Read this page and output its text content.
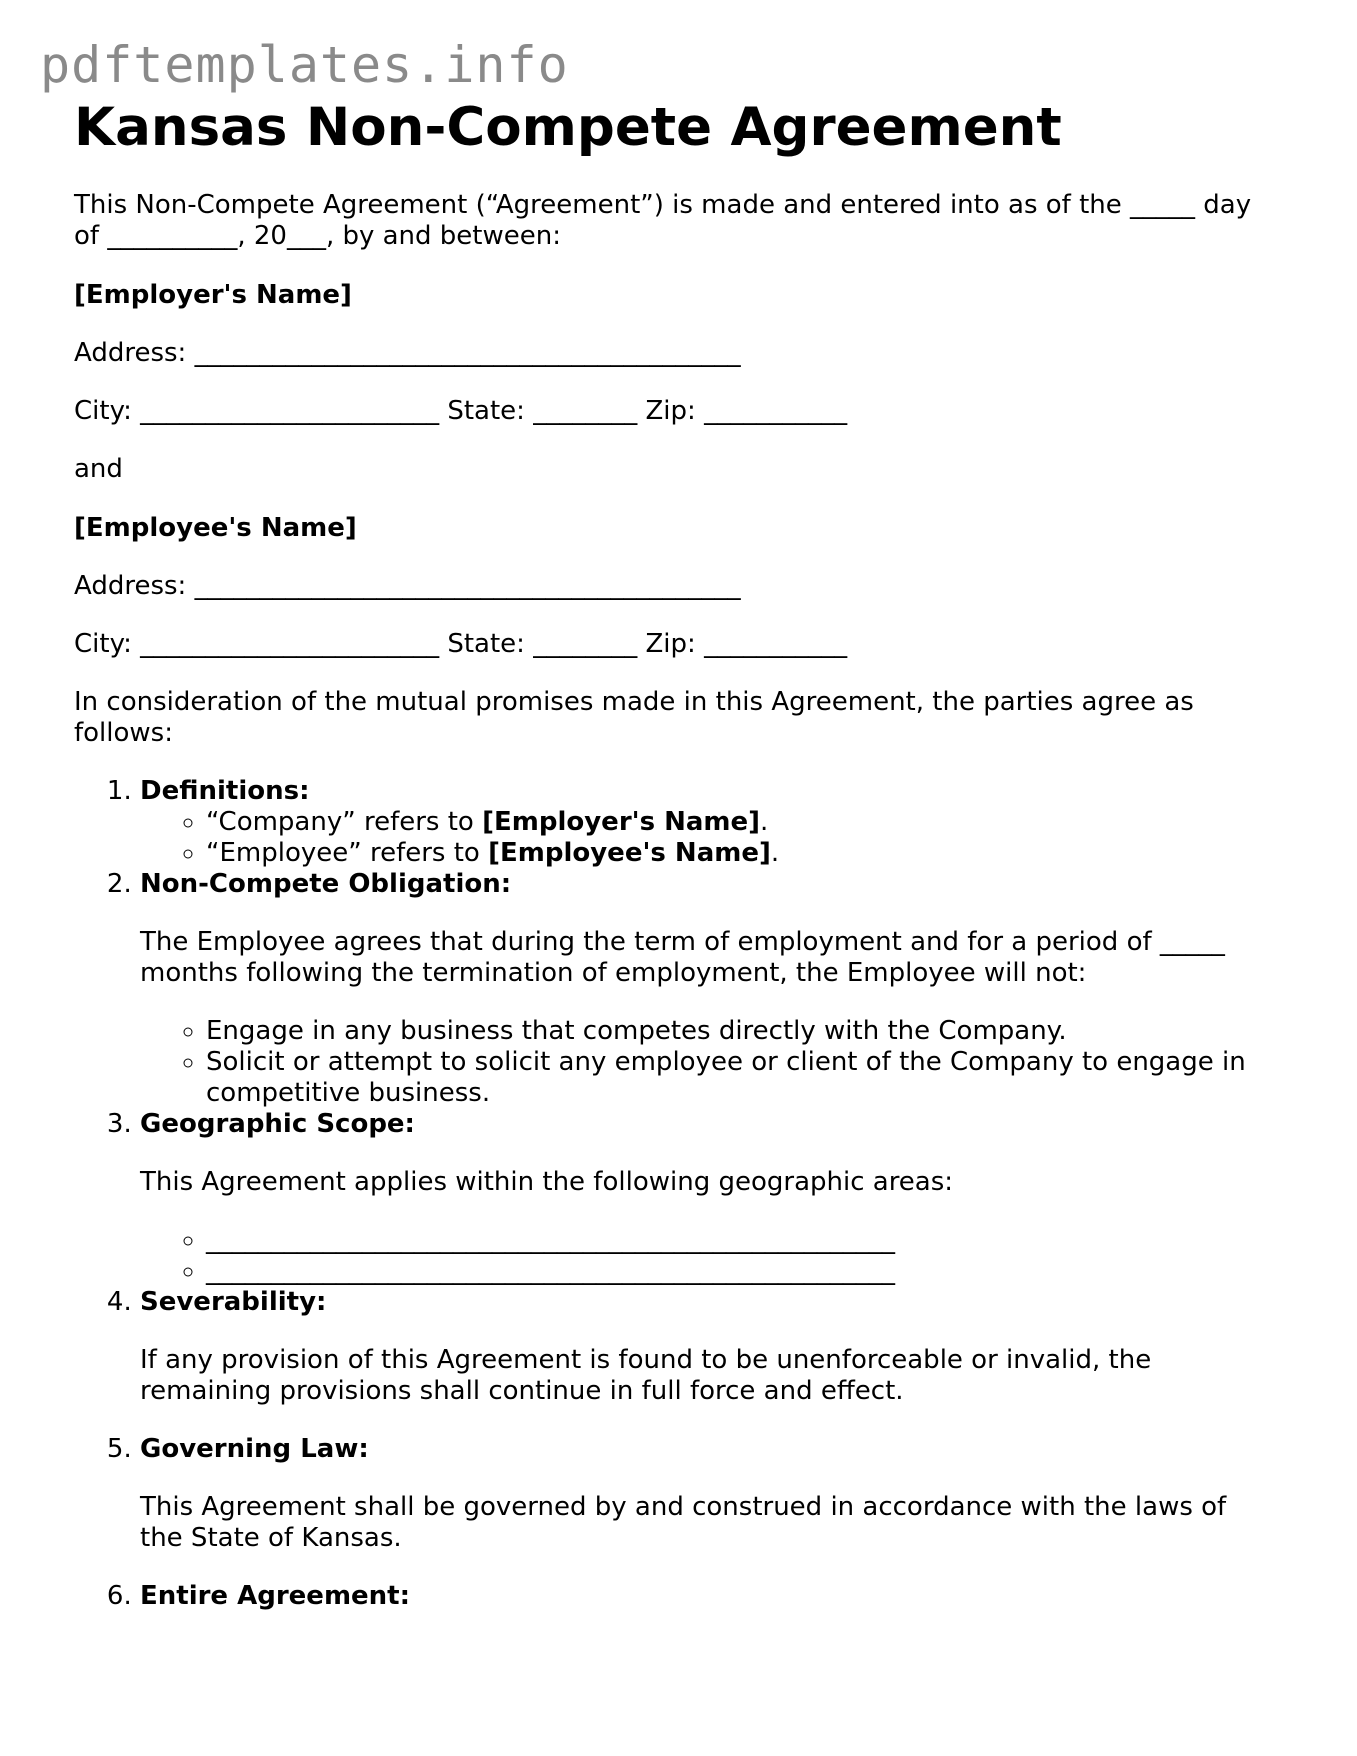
pdftemplates.info
Kansas Non-Compete Agreement

This Non-Compete Agreement (“Agreement”) is made and entered into as of the _____ day
of __________, 20___, by and between:

[Employer's Name]

Address: __________________________________________

City: _______________________ State: ________ Zip: ___________

and

[Employee's Name]

Address: __________________________________________

City: _______________________ State: ________ Zip: ___________

In consideration of the mutual promises made in this Agreement, the parties agree as follows:

1. Definitions:
◦ “Company” refers to [Employer's Name].
◦ “Employee” refers to [Employee's Name].
2. Non-Compete Obligation:

The Employee agrees that during the term of employment and for a period of _____
months following the termination of employment, the Employee will not:

◦ Engage in any business that competes directly with the Company.
◦ Solicit or attempt to solicit any employee or client of the Company to engage in competitive business.
3. Geographic Scope:

This Agreement applies within the following geographic areas:

◦ _____________________________________________________
◦ _____________________________________________________
4. Severability:

If any provision of this Agreement is found to be unenforceable or invalid, the
remaining provisions shall continue in full force and effect.

5. Governing Law:

This Agreement shall be governed by and construed in accordance with the laws of
the State of Kansas.

6. Entire Agreement:
